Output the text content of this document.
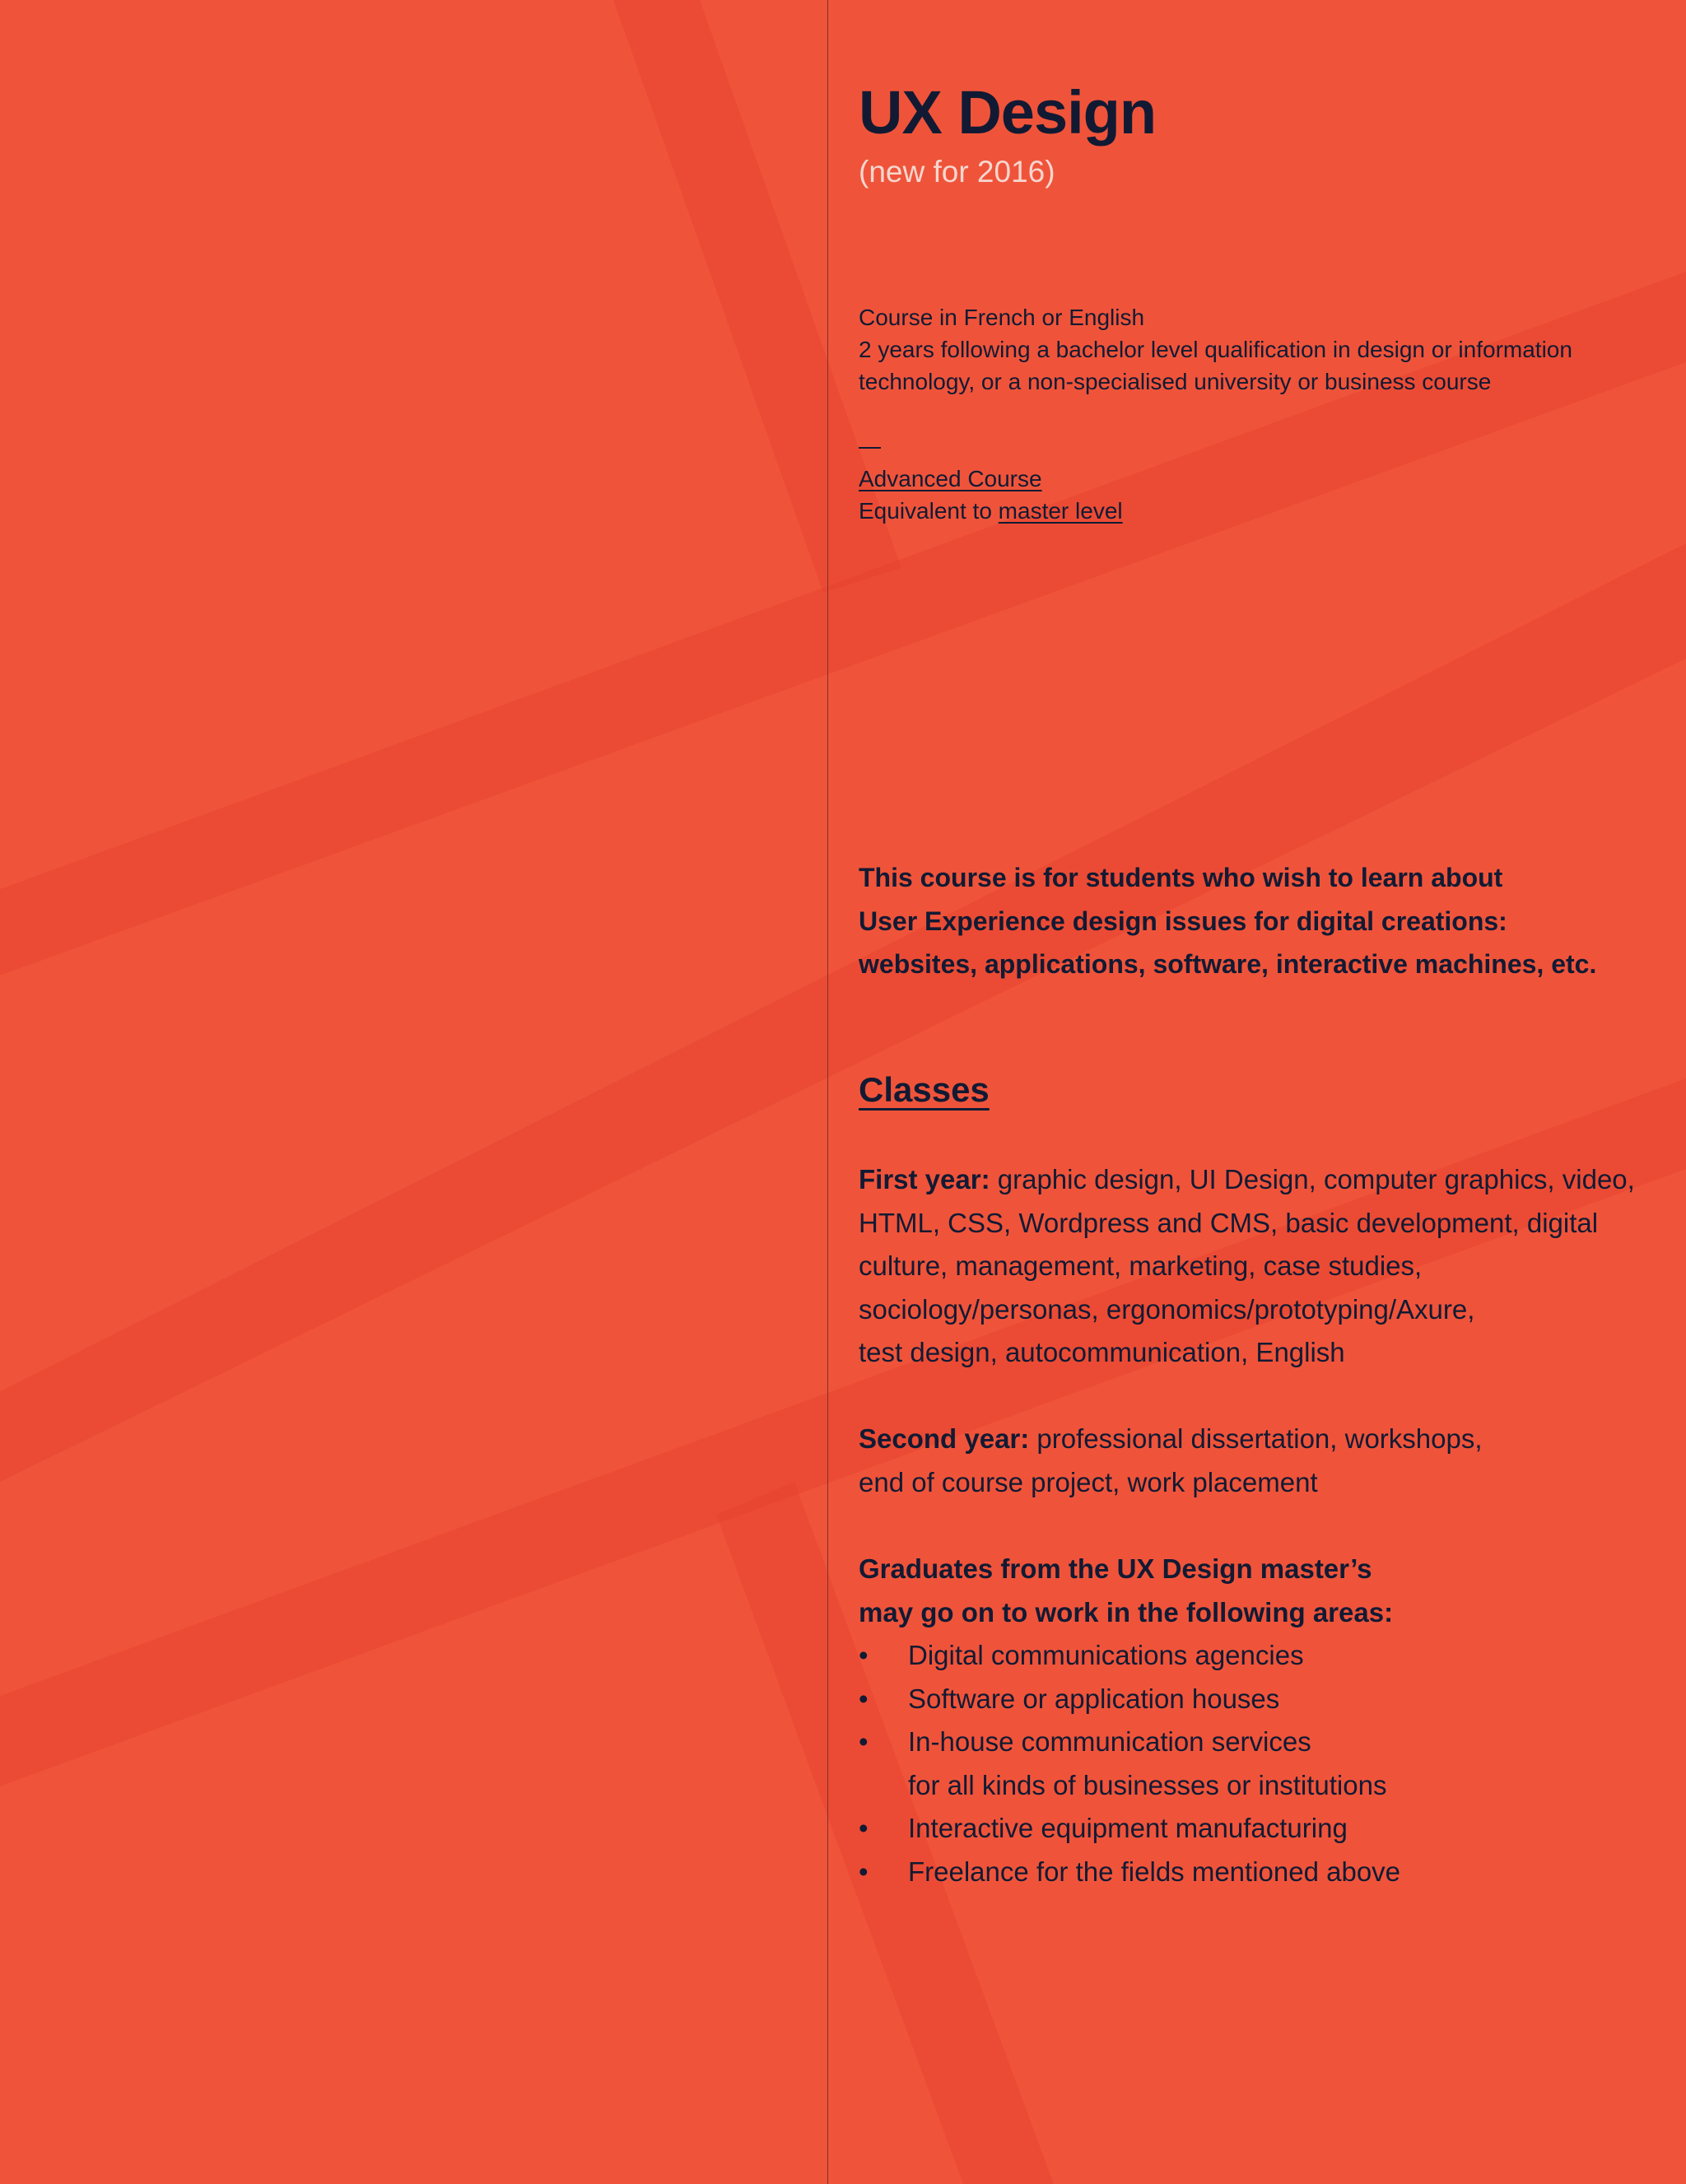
UX Design
(new for 2016)
Course in French or English
2 years following a bachelor level qualification in design or information
technology, or a non-specialised university or business course
Advanced Course
Equivalent to master level
This course is for students who wish to learn about
User Experience design issues for digital creations:
websites, applications, software, interactive machines, etc.
Classes
First year: graphic design, UI Design, computer graphics, video,
HTML, CSS, Wordpress and CMS, basic development, digital
culture, management, marketing, case studies,
sociology/personas, ergonomics/prototyping/Axure,
test design, autocommunication, English
Second year: professional dissertation, workshops,
end of course project, work placement
Graduates from the UX Design master’s
may go on to work in the following areas:
• Digital communications agencies
• Software or application houses
• In-house communication services
for all kinds of businesses or institutions
• Interactive equipment manufacturing
• Freelance for the fields mentioned above
